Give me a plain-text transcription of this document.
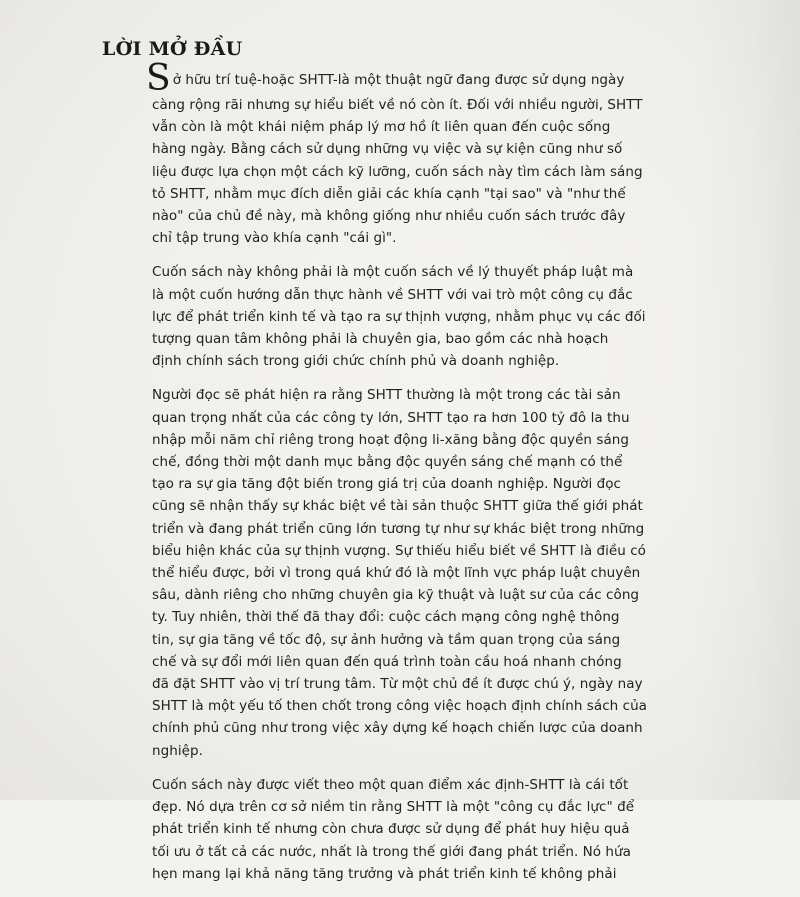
LỜI MỞ ĐẦU
Sở hữu trí tuệ-hoặc SHTT-là một thuật ngữ đang được sử dụng ngày
càng rộng rãi nhưng sự hiểu biết về nó còn ít. Đối với nhiều người, SHTT
vẫn còn là một khái niệm pháp lý mơ hồ ít liên quan đến cuộc sống
hàng ngày. Bằng cách sử dụng những vụ việc và sự kiện cũng như số
liệu được lựa chọn một cách kỹ lưỡng, cuốn sách này tìm cách làm sáng
tỏ SHTT, nhằm mục đích diễn giải các khía cạnh "tại sao" và "như thế
nào" của chủ đề này, mà không giống như nhiều cuốn sách trước đây
chỉ tập trung vào khía cạnh "cái gì".
Cuốn sách này không phải là một cuốn sách về lý thuyết pháp luật mà
là một cuốn hướng dẫn thực hành về SHTT với vai trò một công cụ đắc
lực để phát triển kinh tế và tạo ra sự thịnh vượng, nhằm phục vụ các đối
tượng quan tâm không phải là chuyên gia, bao gồm các nhà hoạch
định chính sách trong giới chức chính phủ và doanh nghiệp.
Người đọc sẽ phát hiện ra rằng SHTT thường là một trong các tài sản
quan trọng nhất của các công ty lớn, SHTT tạo ra hơn 100 tỷ đô la thu
nhập mỗi năm chỉ riêng trong hoạt động li-xăng bằng độc quyền sáng
chế, đồng thời một danh mục bằng độc quyền sáng chế mạnh có thể
tạo ra sự gia tăng đột biến trong giá trị của doanh nghiệp. Người đọc
cũng sẽ nhận thấy sự khác biệt về tài sản thuộc SHTT giữa thế giới phát
triển và đang phát triển cũng lớn tương tự như sự khác biệt trong những
biểu hiện khác của sự thịnh vượng. Sự thiếu hiểu biết về SHTT là điều có
thể hiểu được, bởi vì trong quá khứ đó là một lĩnh vực pháp luật chuyên
sâu, dành riêng cho những chuyên gia kỹ thuật và luật sư của các công
ty. Tuy nhiên, thời thế đã thay đổi: cuộc cách mạng công nghệ thông
tin, sự gia tăng về tốc độ, sự ảnh hưởng và tầm quan trọng của sáng
chế và sự đổi mới liên quan đến quá trình toàn cầu hoá nhanh chóng
đã đặt SHTT vào vị trí trung tâm. Từ một chủ đề ít được chú ý, ngày nay
SHTT là một yếu tố then chốt trong công việc hoạch định chính sách của
chính phủ cũng như trong việc xây dựng kế hoạch chiến lược của doanh
nghiệp.
Cuốn sách này được viết theo một quan điểm xác định-SHTT là cái tốt
đẹp. Nó dựa trên cơ sở niềm tin rằng SHTT là một "công cụ đắc lực" để
phát triển kinh tế nhưng còn chưa được sử dụng để phát huy hiệu quả
tối ưu ở tất cả các nước, nhất là trong thế giới đang phát triển. Nó hứa
hẹn mang lại khả năng tăng trưởng và phát triển kinh tế không phải
